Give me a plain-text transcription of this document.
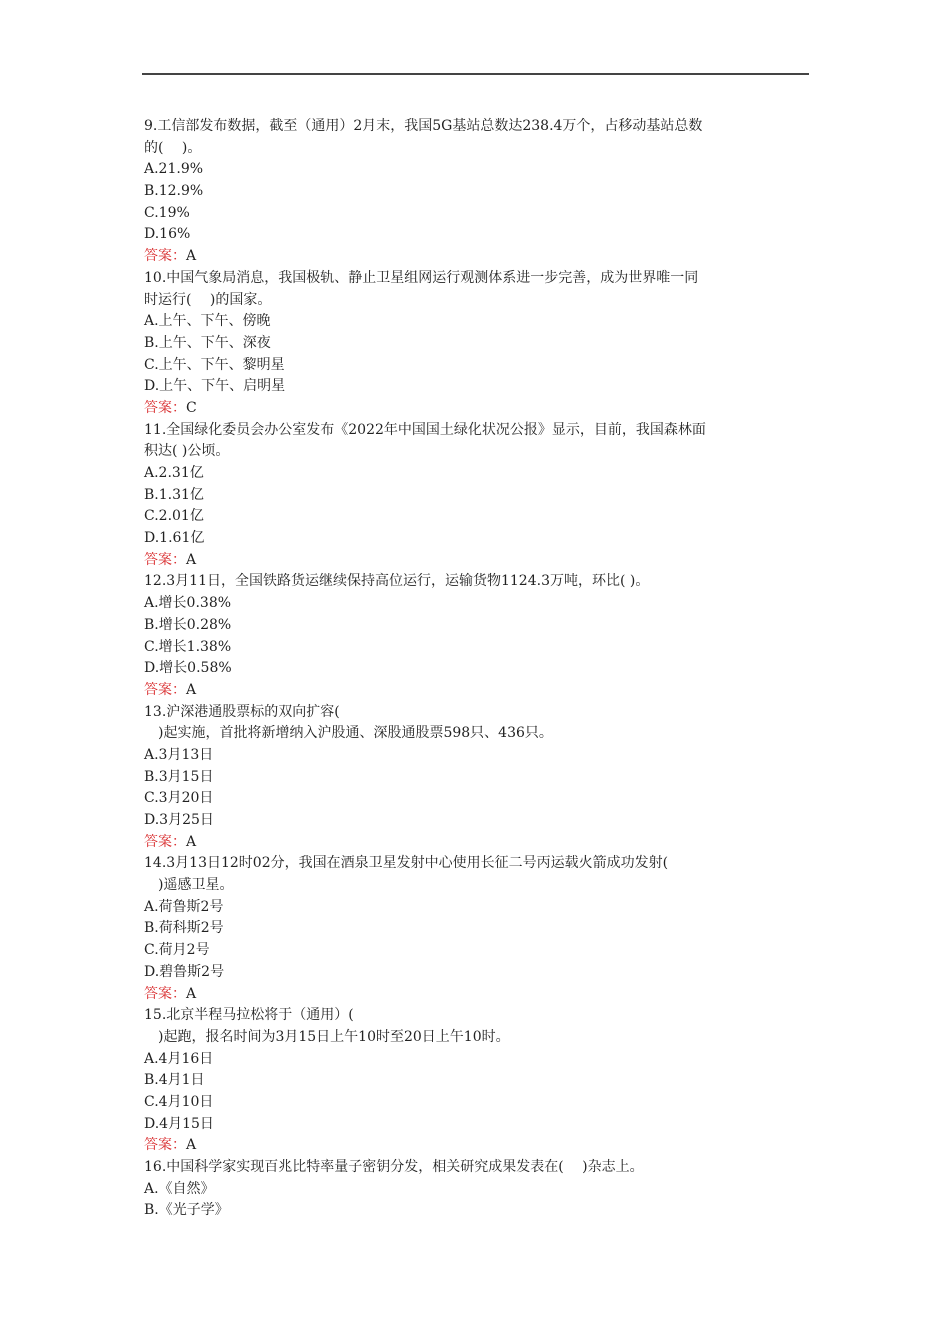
9.工信部发布数据，截至（通用）2月末，我国5G基站总数达238.4万个，占移动基站总数
的(　 )。
A.21.9%
B.12.9%
C.19%
D.16%
答案：A
10.中国气象局消息，我国极轨、静止卫星组网运行观测体系进一步完善，成为世界唯一同
时运行(　 )的国家。
A.上午、下午、傍晚
B.上午、下午、深夜
C.上午、下午、黎明星
D.上午、下午、启明星
答案：C
11.全国绿化委员会办公室发布《2022年中国国土绿化状况公报》显示，目前，我国森林面
积达( )公顷。
A.2.31亿
B.1.31亿
C.2.01亿
D.1.61亿
答案：A
12.3月11日，全国铁路货运继续保持高位运行，运输货物1124.3万吨，环比( )。
A.增长0.38%
B.增长0.28%
C.增长1.38%
D.增长0.58%
答案：A
13.沪深港通股票标的双向扩容(
　)起实施，首批将新增纳入沪股通、深股通股票598只、436只。
A.3月13日
B.3月15日
C.3月20日
D.3月25日
答案：A
14.3月13日12时02分，我国在酒泉卫星发射中心使用长征二号丙运载火箭成功发射(
　)遥感卫星。
A.荷鲁斯2号
B.荷科斯2号
C.荷月2号
D.碧鲁斯2号
答案：A
15.北京半程马拉松将于（通用）(
　)起跑，报名时间为3月15日上午10时至20日上午10时。
A.4月16日
B.4月1日
C.4月10日
D.4月15日
答案：A
16.中国科学家实现百兆比特率量子密钥分发，相关研究成果发表在(　 )杂志上。
A.《自然》
B.《光子学》
